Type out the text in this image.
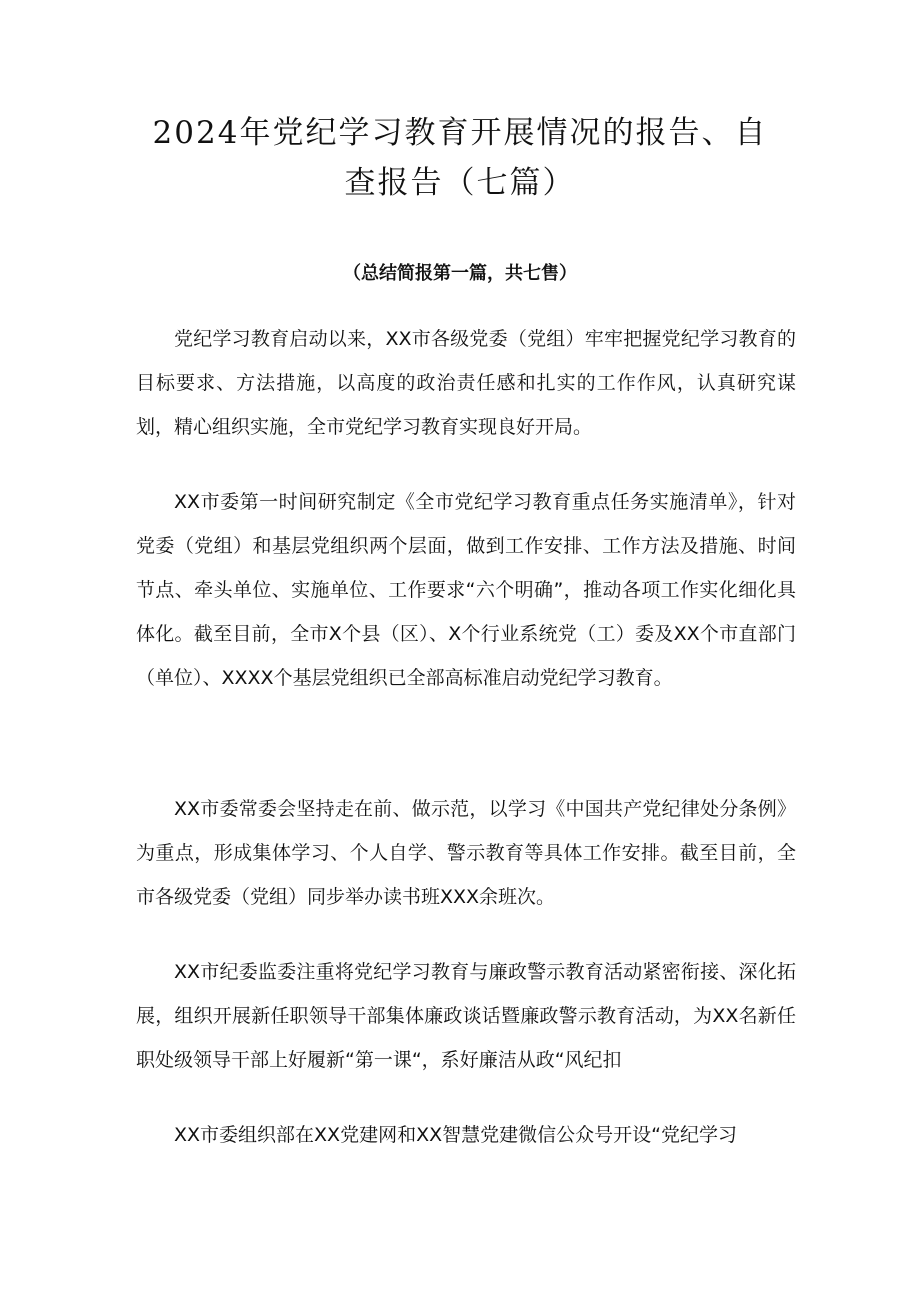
2024年党纪学习教育开展情况的报告、自
查报告（七篇）

（总结简报第一篇，共七售）

党纪学习教育启动以来，XX市各级党委（党组）牢牢把握党纪学习教育的目标要求、方法措施，以高度的政治责任感和扎实的工作作风，认真研究谋划，精心组织实施，全市党纪学习教育实现良好开局。

XX市委第一时间研究制定《全市党纪学习教育重点任务实施清单》，针对党委（党组）和基层党组织两个层面，做到工作安排、工作方法及措施、时间节点、牵头单位、实施单位、工作要求“六个明确”，推动各项工作实化细化具体化。截至目前，全市X个县（区）、X个行业系统党（工）委及XX个市直部门（单位）、XXXX个基层党组织已全部高标准启动党纪学习教育。

XX市委常委会坚持走在前、做示范，以学习《中国共产党纪律处分条例》为重点，形成集体学习、个人自学、警示教育等具体工作安排。截至目前，全市各级党委（党组）同步举办读书班XXX余班次。

XX市纪委监委注重将党纪学习教育与廉政警示教育活动紧密衔接、深化拓展，组织开展新任职领导干部集体廉政谈话暨廉政警示教育活动，为XX名新任职处级领导干部上好履新“第一课“，系好廉洁从政“风纪扣

XX市委组织部在XX党建网和XX智慧党建微信公众号开设“党纪学习
